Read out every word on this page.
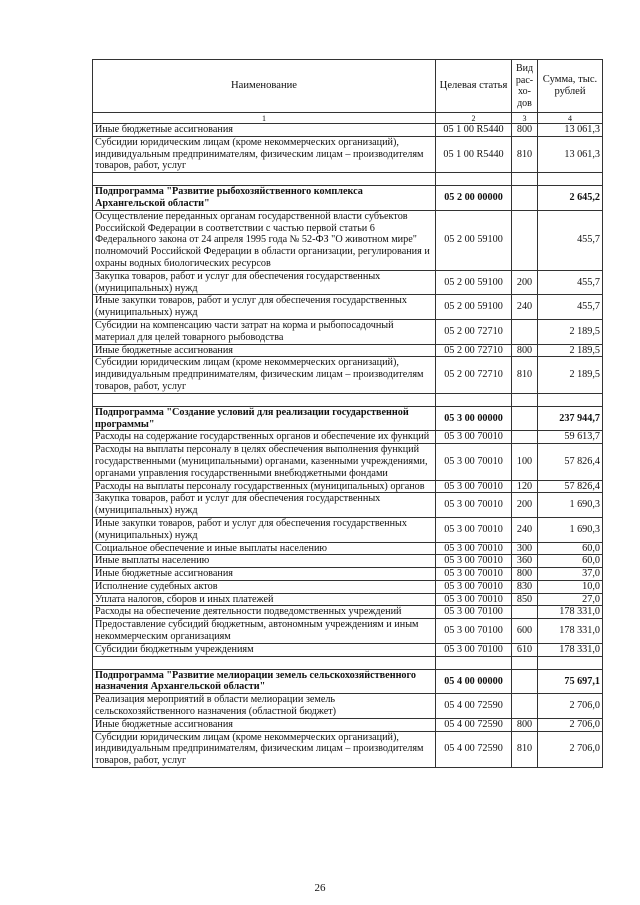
Наименование	Целевая статья	Вид рас-хо-дов	Сумма, тыс. рублей
1	2	3	4
Иные бюджетные ассигнования	05 1 00 R5440	800	13 061,3
Субсидии юридическим лицам (кроме некоммерческих организаций), индивидуальным предпринимателям, физическим лицам – производителям товаров, работ, услуг	05 1 00 R5440	810	13 061,3

Подпрограмма "Развитие рыбохозяйственного комплекса Архангельской области"	05 2 00 00000		2 645,2
Осуществление переданных органам государственной власти субъектов Российской Федерации в соответствии с частью первой статьи 6 Федерального закона от 24 апреля 1995 года № 52-ФЗ "О животном мире" полномочий Российской Федерации в области организации, регулирования и охраны водных биологических ресурсов	05 2 00 59100		455,7
Закупка товаров, работ и услуг для обеспечения государственных (муниципальных) нужд	05 2 00 59100	200	455,7
Иные закупки товаров, работ и услуг для обеспечения государственных (муниципальных) нужд	05 2 00 59100	240	455,7
Субсидии на компенсацию части затрат на корма и рыбопосадочный материал для целей товарного рыбоводства	05 2 00 72710		2 189,5
Иные бюджетные ассигнования	05 2 00 72710	800	2 189,5
Субсидии юридическим лицам (кроме некоммерческих организаций), индивидуальным предпринимателям, физическим лицам – производителям товаров, работ, услуг	05 2 00 72710	810	2 189,5

Подпрограмма "Создание условий для реализации государственной программы"	05 3 00 00000		237 944,7
Расходы на содержание государственных органов и обеспечение их функций	05 3 00 70010		59 613,7
Расходы на выплаты персоналу в целях обеспечения выполнения функций государственными (муниципальными) органами, казенными учреждениями, органами управления государственными внебюджетными фондами	05 3 00 70010	100	57 826,4
Расходы на выплаты персоналу государственных (муниципальных) органов	05 3 00 70010	120	57 826,4
Закупка товаров, работ и услуг для обеспечения государственных (муниципальных) нужд	05 3 00 70010	200	1 690,3
Иные закупки товаров, работ и услуг для обеспечения государственных (муниципальных) нужд	05 3 00 70010	240	1 690,3
Социальное обеспечение и иные выплаты населению	05 3 00 70010	300	60,0
Иные выплаты населению	05 3 00 70010	360	60,0
Иные бюджетные ассигнования	05 3 00 70010	800	37,0
Исполнение судебных актов	05 3 00 70010	830	10,0
Уплата налогов, сборов и иных платежей	05 3 00 70010	850	27,0
Расходы на обеспечение деятельности подведомственных учреждений	05 3 00 70100		178 331,0
Предоставление субсидий бюджетным, автономным учреждениям и иным некоммерческим организациям	05 3 00 70100	600	178 331,0
Субсидии бюджетным учреждениям	05 3 00 70100	610	178 331,0

Подпрограмма "Развитие мелиорации земель сельскохозяйственного назначения Архангельской области"	05 4 00 00000		75 697,1
Реализация мероприятий в области мелиорации земель сельскохозяйственного назначения (областной бюджет)	05 4 00 72590		2 706,0
Иные бюджетные ассигнования	05 4 00 72590	800	2 706,0
Субсидии юридическим лицам (кроме некоммерческих организаций), индивидуальным предпринимателям, физическим лицам – производителям товаров, работ, услуг	05 4 00 72590	810	2 706,0
26
